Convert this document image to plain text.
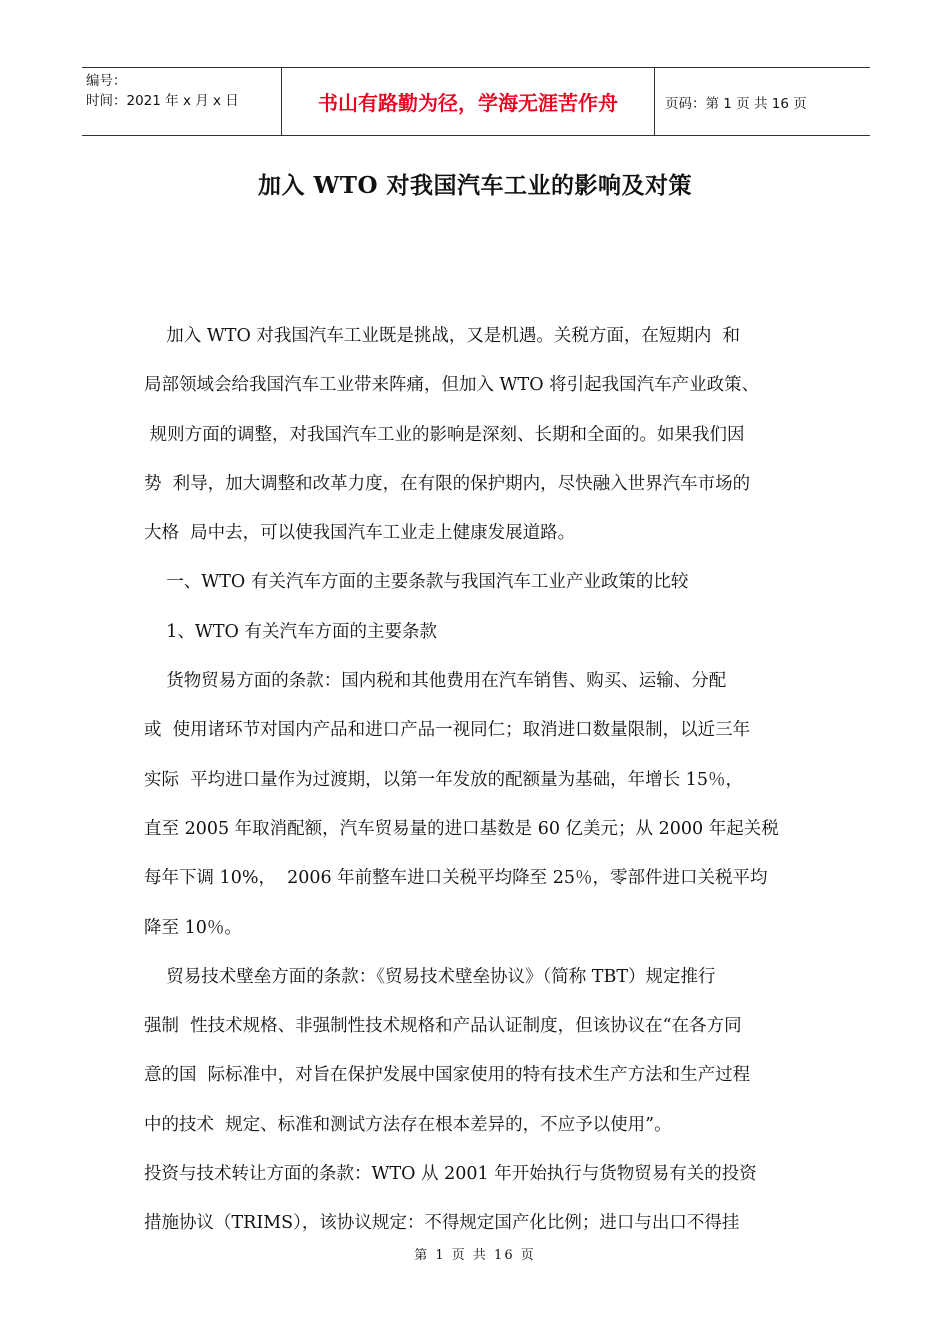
编号：
时间：2021 年 x 月 x 日	书山有路勤为径，学海无涯苦作舟	页码：第 1 页 共 16 页
加入 WTO 对我国汽车工业的影响及对策
加入 WTO 对我国汽车工业既是挑战，又是机遇。关税方面，在短期内  和
局部领域会给我国汽车工业带来阵痛，但加入 WTO 将引起我国汽车产业政策、
规则方面的调整，对我国汽车工业的影响是深刻、长期和全面的。如果我们因
势  利导，加大调整和改革力度，在有限的保护期内，尽快融入世界汽车市场的
大格  局中去，可以使我国汽车工业走上健康发展道路。
一、WTO 有关汽车方面的主要条款与我国汽车工业产业政策的比较
1、WTO 有关汽车方面的主要条款
货物贸易方面的条款：国内税和其他费用在汽车销售、购买、运输、分配
或  使用诸环节对国内产品和进口产品一视同仁；取消进口数量限制，以近三年
实际  平均进口量作为过渡期，以第一年发放的配额量为基础，年增长 15％，
直至 2005 年取消配额，汽车贸易量的进口基数是 60 亿美元；从 2000 年起关税
每年下调 10%，  2006 年前整车进口关税平均降至 25％，零部件进口关税平均
降至 10％。
贸易技术壁垒方面的条款：《贸易技术壁垒协议》（简称 TBT）规定推行
强制  性技术规格、非强制性技术规格和产品认证制度，但该协议在“在各方同
意的国  际标准中，对旨在保护发展中国家使用的特有技术生产方法和生产过程
中的技术  规定、标准和测试方法存在根本差异的，不应予以使用”。
投资与技术转让方面的条款：WTO 从 2001 年开始执行与货物贸易有关的投资
措施协议（TRIMS），该协议规定：不得规定国产化比例；进口与出口不得挂
第 1 页 共 16 页
